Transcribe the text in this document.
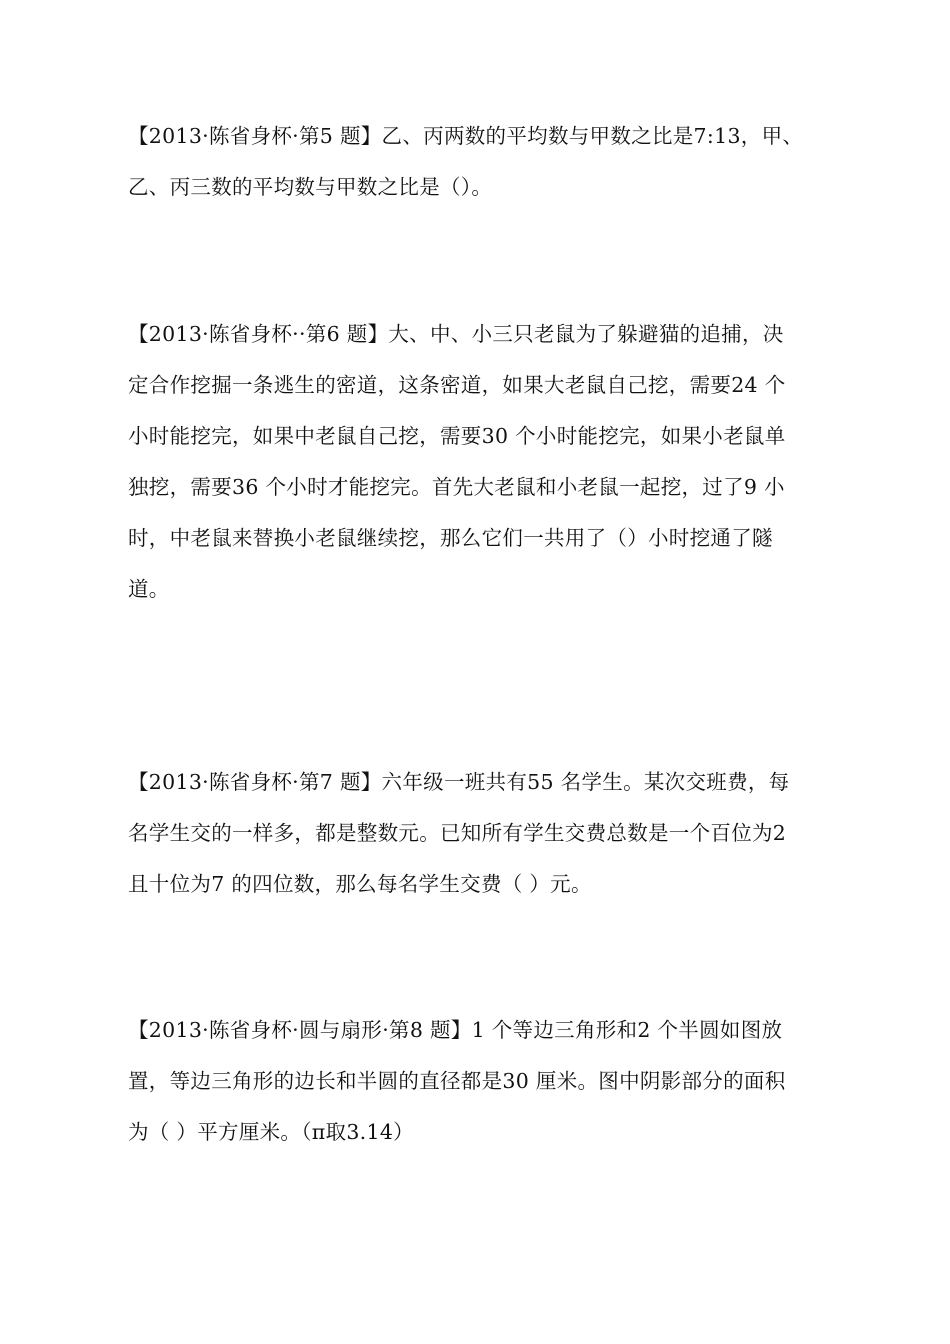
【2013·陈省身杯·第5 题】乙、丙两数的平均数与甲数之比是7:13，甲、
乙、丙三数的平均数与甲数之比是（）。
【2013·陈省身杯··第6 题】大、中、小三只老鼠为了躲避猫的追捕，决
定合作挖掘一条逃生的密道，这条密道，如果大老鼠自己挖，需要24 个
小时能挖完，如果中老鼠自己挖，需要30 个小时能挖完，如果小老鼠单
独挖，需要36 个小时才能挖完。首先大老鼠和小老鼠一起挖，过了9 小
时，中老鼠来替换小老鼠继续挖，那么它们一共用了（）小时挖通了隧
道。
【2013·陈省身杯·第7 题】六年级一班共有55 名学生。某次交班费，每
名学生交的一样多，都是整数元。已知所有学生交费总数是一个百位为2
且十位为7 的四位数，那么每名学生交费（ ）元。
【2013·陈省身杯·圆与扇形·第8 题】1 个等边三角形和2 个半圆如图放
置，等边三角形的边长和半圆的直径都是30 厘米。图中阴影部分的面积
为（ ）平方厘米。（π取3.14）
